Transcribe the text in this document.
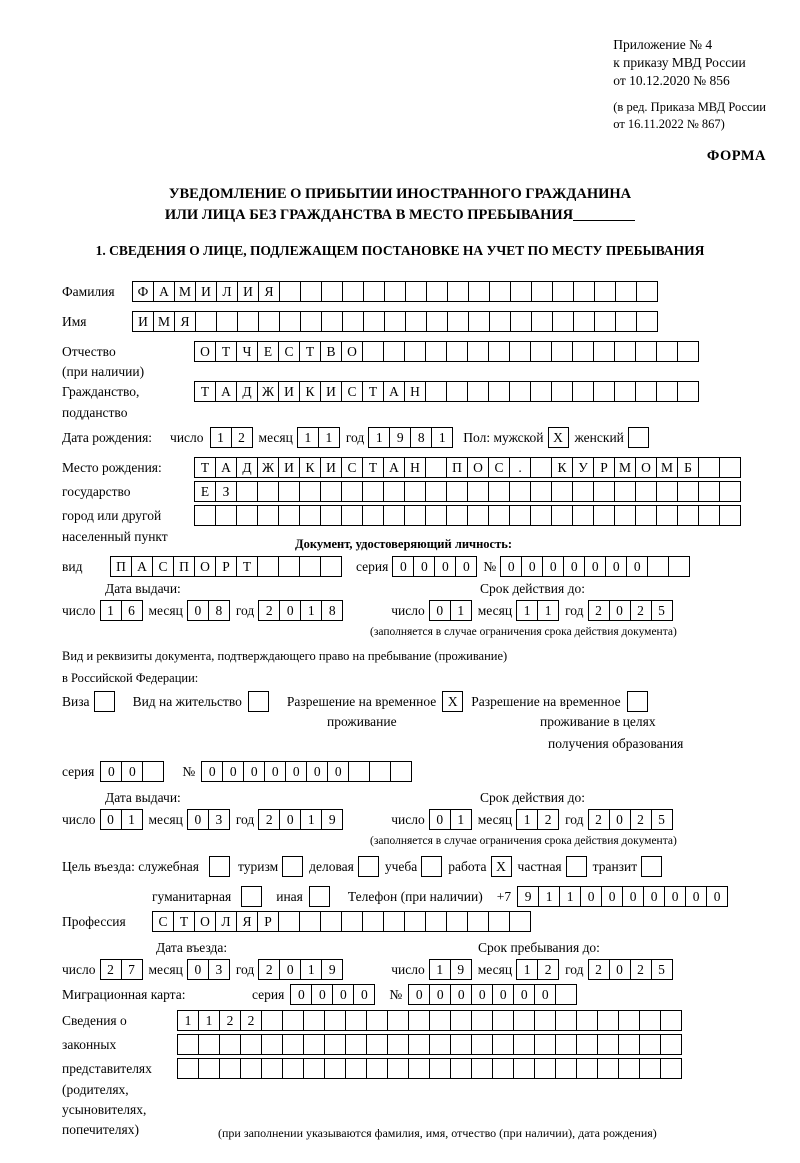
Приложение № 4
к приказу МВД России
от 10.12.2020 № 856
(в ред. Приказа МВД России
от 16.11.2022 № 867)
ФОРМА
УВЕДОМЛЕНИЕ О ПРИБЫТИИ ИНОСТРАННОГО ГРАЖДАНИНА
ИЛИ ЛИЦА БЕЗ ГРАЖДАНСТВА В МЕСТО ПРЕБЫВАНИЯ
1. СВЕДЕНИЯ О ЛИЦЕ, ПОДЛЕЖАЩЕМ ПОСТАНОВКЕ НА УЧЕТ ПО МЕСТУ ПРЕБЫВАНИЯ
Фамилия	Ф А М И Л И Я
Имя	И М Я
Отчество	О Т Ч Е С Т В О
(при наличии)
Гражданство,	Т А Д Ж И К И С Т А Н
подданство
Дата рождения: число	1	2	месяц 1	1	год 1	9	8	1	Пол: мужской X женский
Место рождения:	Т А Д Ж И К И С Т А Н	П О С	.	К У Р М О М Б
государство	Е З
город или другой
населенный пункт	Документ, удостоверяющий личность:
вид	П А С П О Р Т	серия 0	0	0	0	№ 0	0	0	0	0	0	0
Дата выдачи:	Срок действия до:
число 1	6	месяц 0	8	год 2	0	1	8	число 0	1	месяц 1	1	год 2	0	2	5
(заполняется в случае ограничения срока действия документа)
Вид и реквизиты документа, подтверждающего право на пребывание (проживание)
в Российской Федерации:
Виза	Вид на жительство	Разрешение на временное X	Разрешение на временное
проживание	проживание в целях
получения образования
серия	0	0	№	0	0	0	0	0	0	0
Дата выдачи:	Срок действия до:
число 0	1	месяц 0	3	год 2	0	1	9	число 0	1	месяц 1	2	год 2	0	2	5
(заполняется в случае ограничения срока действия документа)
Цель въезда: служебная	туризм деловая учеба работа X частная транзит
гуманитарная	иная	Телефон (при наличии) +7	9	1	1	0	0	0	0	0	0	0
Профессия	С Т О Л Я Р
Дата въезда:	Срок пребывания до:
число 2	7	месяц 0	3	год 2	0	1	9	число 1	9	месяц 1	2	год 2	0	2	5
Миграционная карта:	серия	0	0	0	0	№	0	0	0	0	0	0	0
Сведения о	1	1	2	2
законных
представителях
(родителях,
усыновителях,
попечителях)	(при заполнении указываются фамилия, имя, отчество (при наличии), дата рождения)
